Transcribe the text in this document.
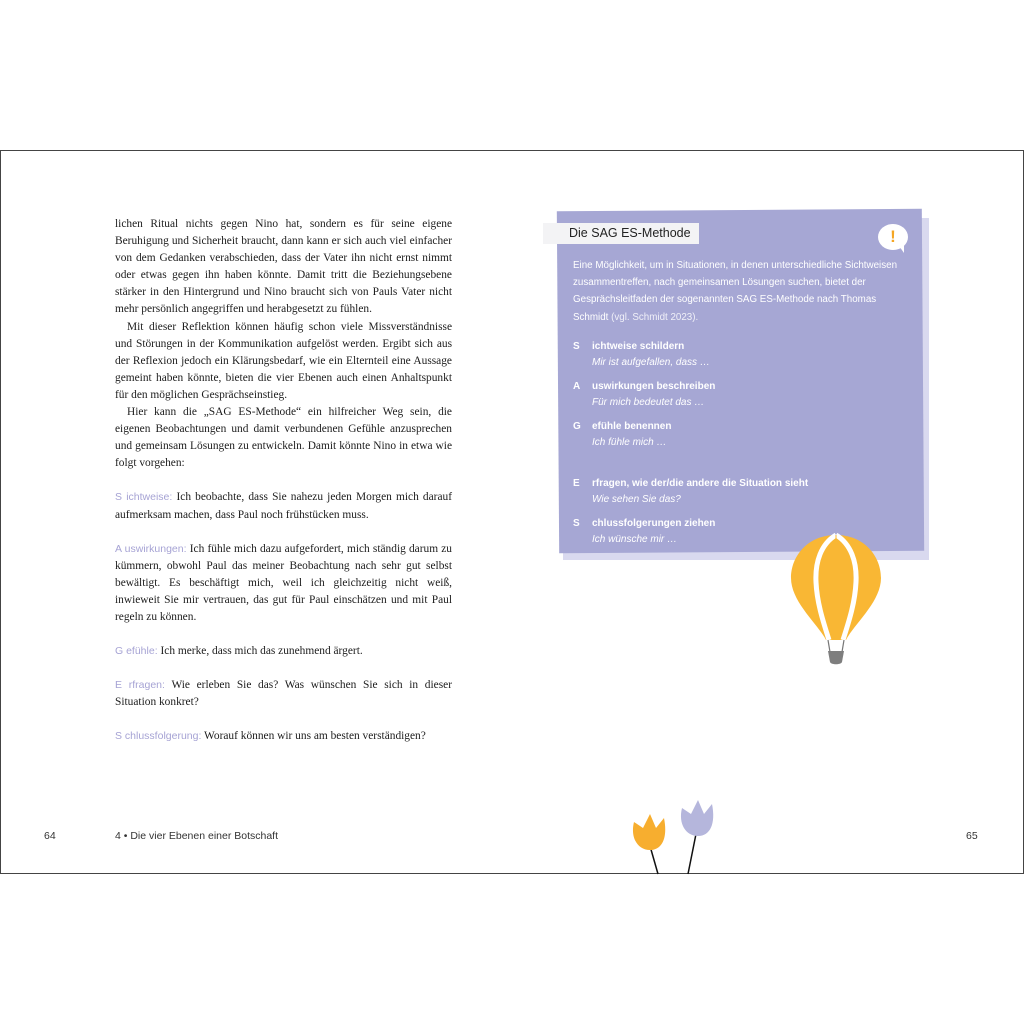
lichen Ritual nichts gegen Nino hat, sondern es für seine eigene Beruhigung und Sicherheit braucht, dann kann er sich auch viel einfacher von dem Gedanken verabschieden, dass der Vater ihn nicht ernst nimmt oder etwas gegen ihn haben könnte. Damit tritt die Beziehungsebene stärker in den Hintergrund und Nino braucht sich von Pauls Vater nicht mehr persönlich angegriffen und herabgesetzt zu fühlen.

Mit dieser Reflektion können häufig schon viele Missverständnisse und Störungen in der Kommunikation aufgelöst werden. Ergibt sich aus der Reflexion jedoch ein Klärungsbedarf, wie ein Elternteil eine Aussage gemeint haben könnte, bieten die vier Ebenen auch einen Anhaltspunkt für den möglichen Gesprächseinstieg.

Hier kann die „SAG ES-Methode“ ein hilfreicher Weg sein, die eigenen Beobachtungen und damit verbundenen Gefühle anzusprechen und gemeinsam Lösungen zu entwickeln. Damit könnte Nino in etwa wie folgt vorgehen:

S ichtweise: Ich beobachte, dass Sie nahezu jeden Morgen mich darauf aufmerksam machen, dass Paul noch frühstücken muss.

A uswirkungen: Ich fühle mich dazu aufgefordert, mich ständig darum zu kümmern, obwohl Paul das meiner Beobachtung nach sehr gut selbst bewältigt. Es beschäftigt mich, weil ich gleichzeitig nicht weiß, inwieweit Sie mir vertrauen, das gut für Paul einschätzen und mit Paul regeln zu können.

G efühle: Ich merke, dass mich das zunehmend ärgert.

E rfragen: Wie erleben Sie das? Was wünschen Sie sich in dieser Situation konkret?

S chlussfolgerung: Worauf können wir uns am besten verständigen?

64	4 • Die vier Ebenen einer Botschaft	65
Die SAG ES-Methode	!
Eine Möglichkeit, um in Situationen, in denen unterschiedliche Sichtweisen zusammentreffen, nach gemeinsamen Lösungen suchen, bietet der Gesprächsleitfaden der sogenannten SAG ES-Methode nach Thomas Schmidt (vgl. Schmidt 2023).
S ichtweise schildern
Mir ist aufgefallen, dass …
A uswirkungen beschreiben
Für mich bedeutet das …
G efühle benennen
Ich fühle mich …
E rfragen, wie der/die andere die Situation sieht
Wie sehen Sie das?
S chlussfolgerungen ziehen
Ich wünsche mir …
